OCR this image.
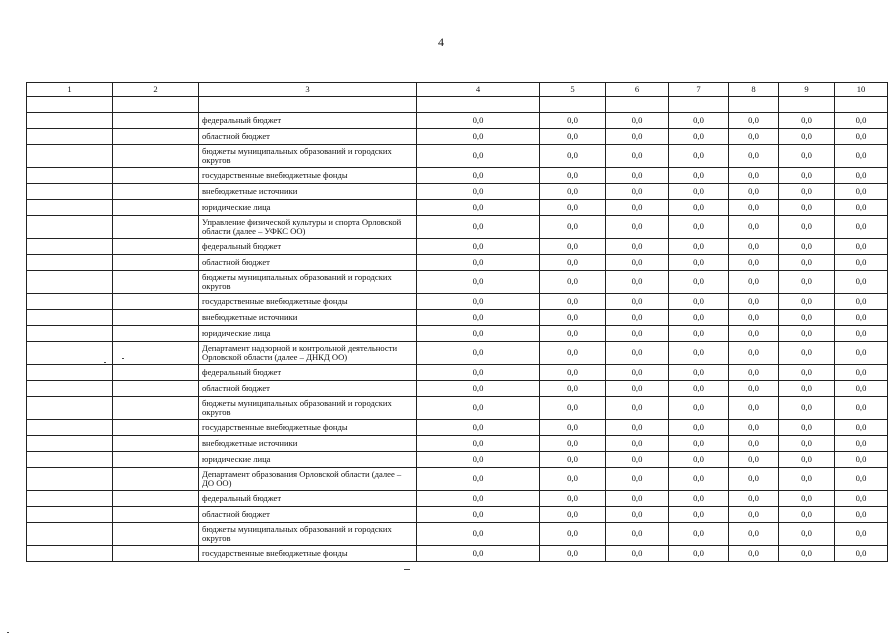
4
1	2	3	4	5	6	7	8	9	10

		федеральный бюджет	0,0	0,0	0,0	0,0	0,0	0,0	0,0
		областной бюджет	0,0	0,0	0,0	0,0	0,0	0,0	0,0
		бюджеты муниципальных образований и городских округов	0,0	0,0	0,0	0,0	0,0	0,0	0,0
		государственные внебюджетные фонды	0,0	0,0	0,0	0,0	0,0	0,0	0,0
		внебюджетные источники	0,0	0,0	0,0	0,0	0,0	0,0	0,0
		юридические лица	0,0	0,0	0,0	0,0	0,0	0,0	0,0
		Управление физической культуры и спорта Орловской области (далее – УФКС ОО)	0,0	0,0	0,0	0,0	0,0	0,0	0,0
		федеральный бюджет	0,0	0,0	0,0	0,0	0,0	0,0	0,0
		областной бюджет	0,0	0,0	0,0	0,0	0,0	0,0	0,0
		бюджеты муниципальных образований и городских округов	0,0	0,0	0,0	0,0	0,0	0,0	0,0
		государственные внебюджетные фонды	0,0	0,0	0,0	0,0	0,0	0,0	0,0
		внебюджетные источники	0,0	0,0	0,0	0,0	0,0	0,0	0,0
		юридические лица	0,0	0,0	0,0	0,0	0,0	0,0	0,0
		Департамент надзорной и контрольной деятельности Орловской области (далее – ДНКД ОО)	0,0	0,0	0,0	0,0	0,0	0,0	0,0
		федеральный бюджет	0,0	0,0	0,0	0,0	0,0	0,0	0,0
		областной бюджет	0,0	0,0	0,0	0,0	0,0	0,0	0,0
		бюджеты муниципальных образований и городских округов	0,0	0,0	0,0	0,0	0,0	0,0	0,0
		государственные внебюджетные фонды	0,0	0,0	0,0	0,0	0,0	0,0	0,0
		внебюджетные источники	0,0	0,0	0,0	0,0	0,0	0,0	0,0
		юридические лица	0,0	0,0	0,0	0,0	0,0	0,0	0,0
		Департамент образования Орловской области (далее – ДО ОО)	0,0	0,0	0,0	0,0	0,0	0,0	0,0
		федеральный бюджет	0,0	0,0	0,0	0,0	0,0	0,0	0,0
		областной бюджет	0,0	0,0	0,0	0,0	0,0	0,0	0,0
		бюджеты муниципальных образований и городских округов	0,0	0,0	0,0	0,0	0,0	0,0	0,0
		государственные внебюджетные фонды	0,0	0,0	0,0	0,0	0,0	0,0	0,0
